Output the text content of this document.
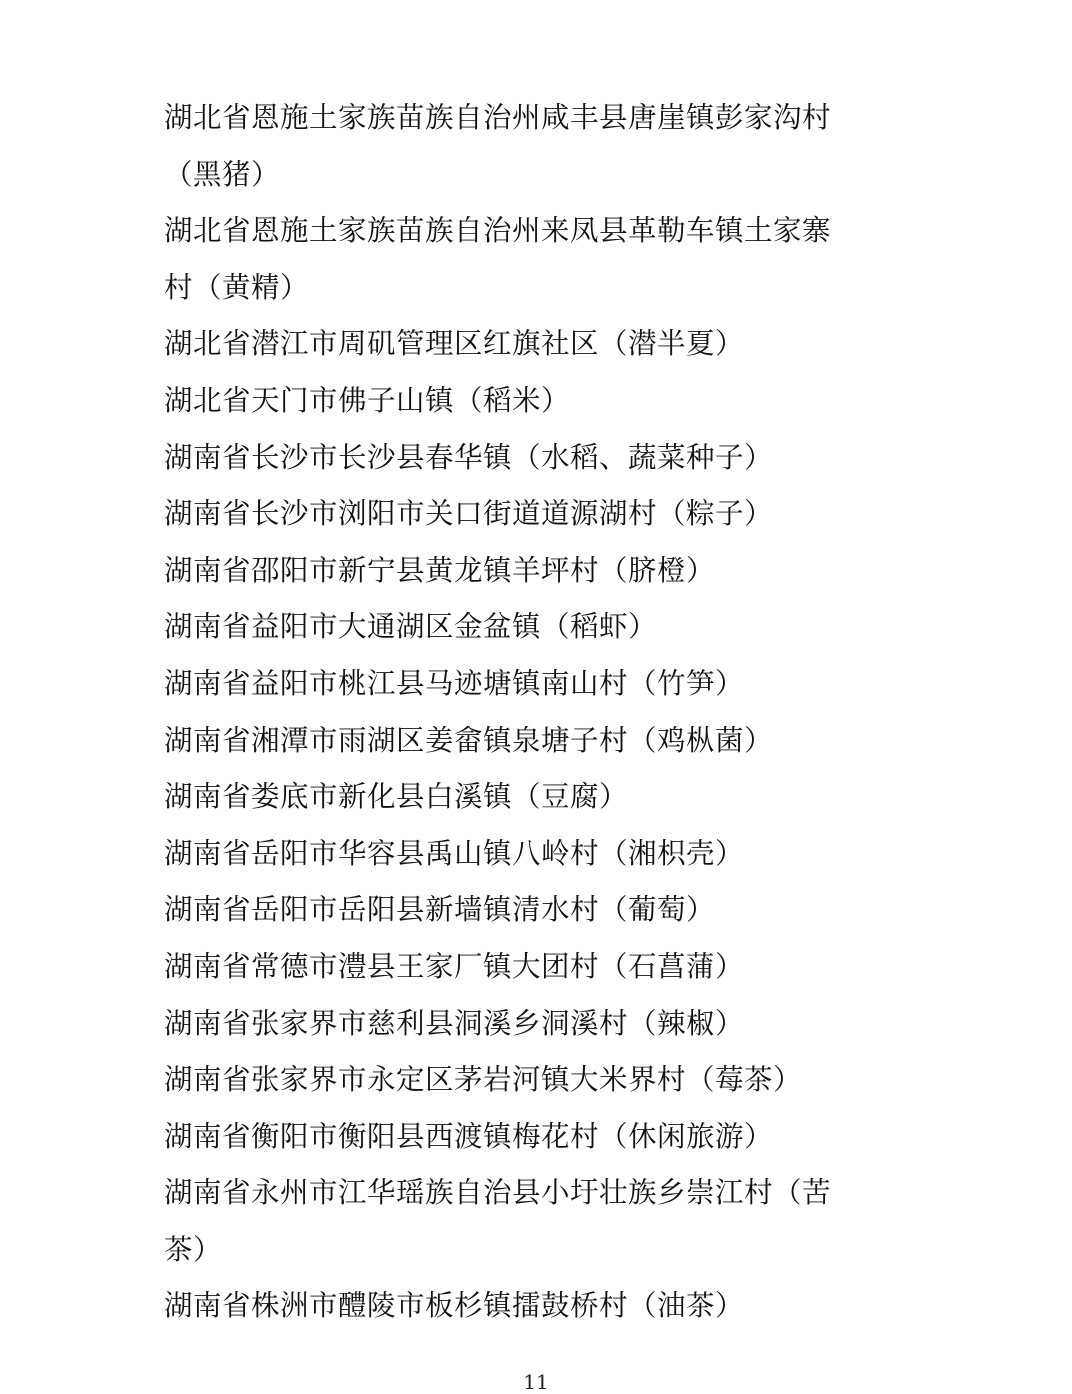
湖北省恩施土家族苗族自治州咸丰县唐崖镇彭家沟村（黑猪）
湖北省恩施土家族苗族自治州来凤县革勒车镇土家寨村（黄精）
湖北省潜江市周矶管理区红旗社区（潜半夏）
湖北省天门市佛子山镇（稻米）
湖南省长沙市长沙县春华镇（水稻、蔬菜种子）
湖南省长沙市浏阳市关口街道道源湖村（粽子）
湖南省邵阳市新宁县黄龙镇羊坪村（脐橙）
湖南省益阳市大通湖区金盆镇（稻虾）
湖南省益阳市桃江县马迹塘镇南山村（竹笋）
湖南省湘潭市雨湖区姜畲镇泉塘子村（鸡枞菌）
湖南省娄底市新化县白溪镇（豆腐）
湖南省岳阳市华容县禹山镇八岭村（湘枳壳）
湖南省岳阳市岳阳县新墙镇清水村（葡萄）
湖南省常德市澧县王家厂镇大团村（石菖蒲）
湖南省张家界市慈利县洞溪乡洞溪村（辣椒）
湖南省张家界市永定区茅岩河镇大米界村（莓茶）
湖南省衡阳市衡阳县西渡镇梅花村（休闲旅游）
湖南省永州市江华瑶族自治县小圩壮族乡崇江村（苦茶）
湖南省株洲市醴陵市板杉镇擂鼓桥村（油茶）
11
